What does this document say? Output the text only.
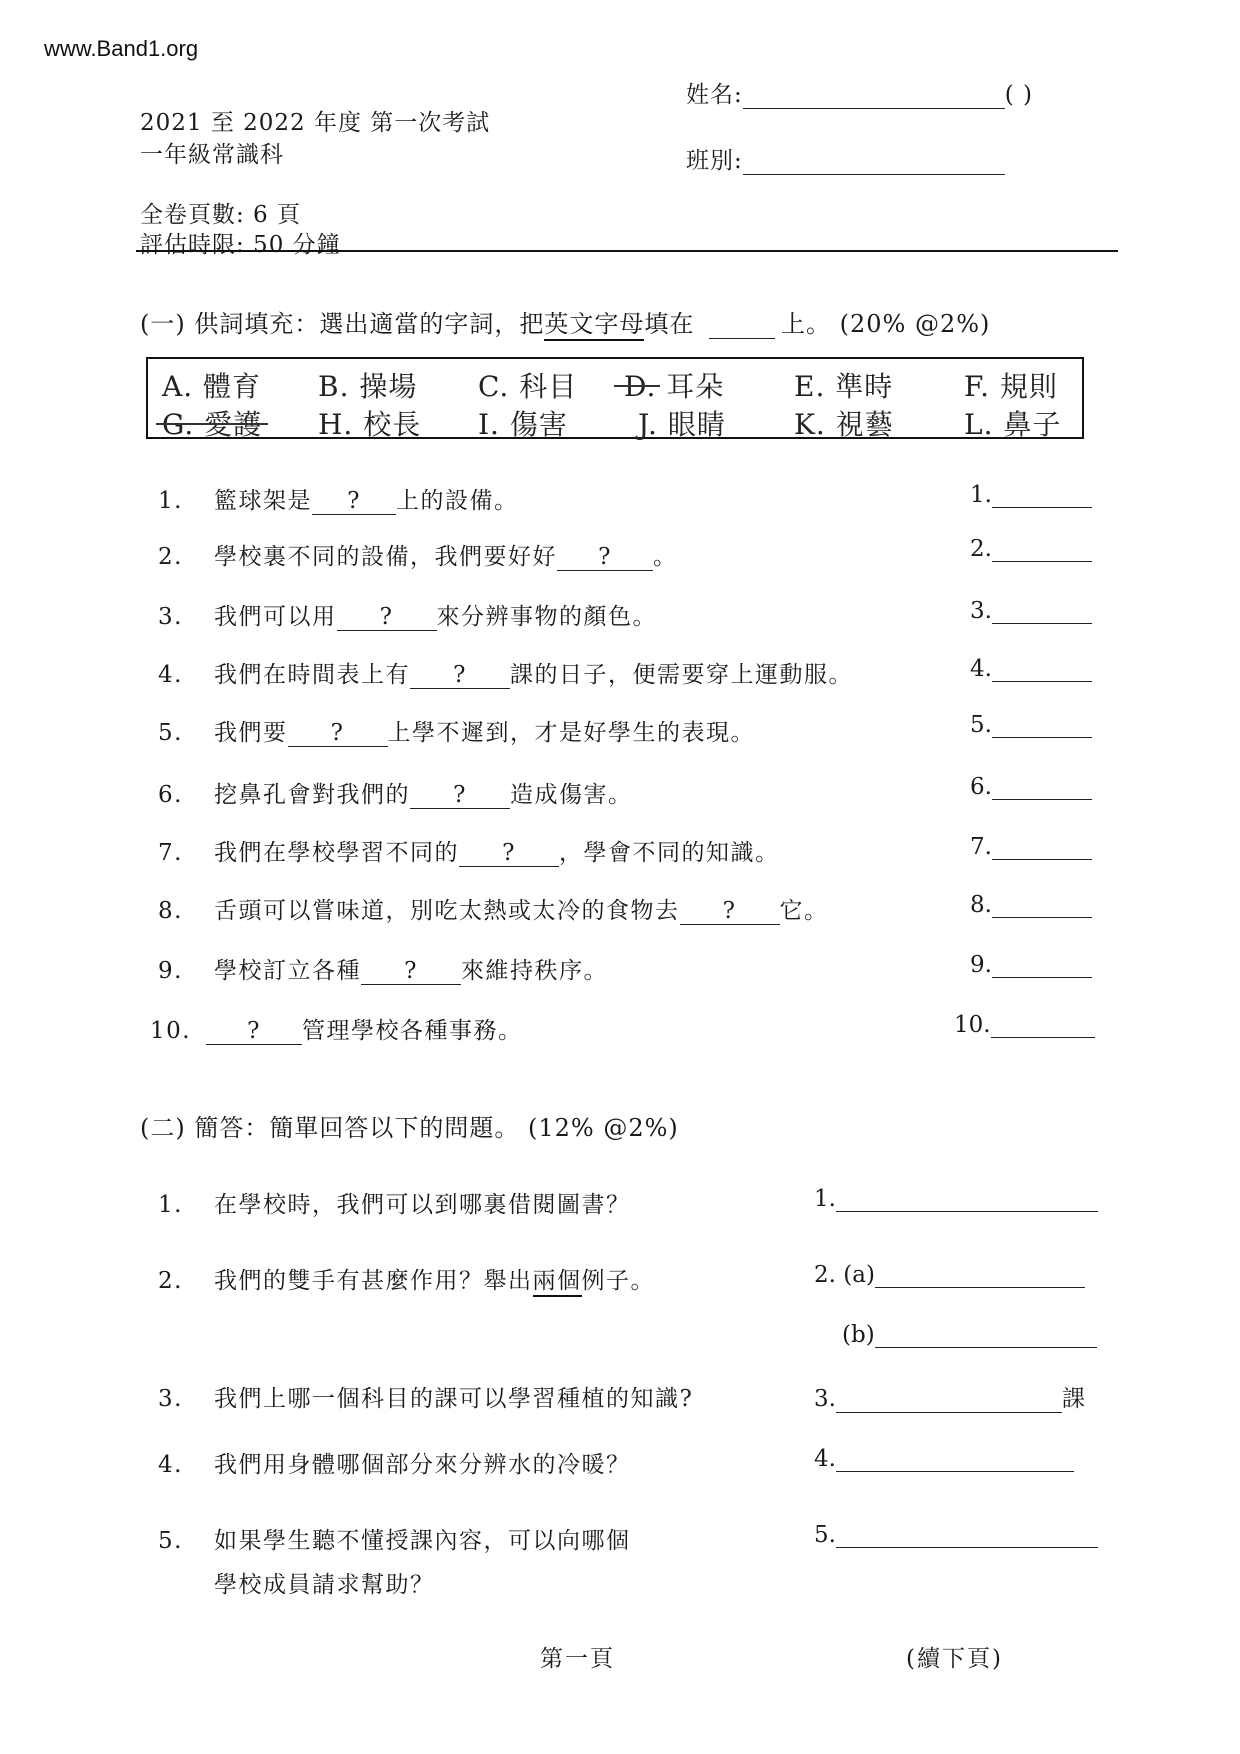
www.Band1.org
2021 至 2022 年度 第一次考試
一年級常識科
全卷頁數: 6 頁
評估時限: 50 分鐘
姓名:	( )
班別:
(一) 供詞填充：選出適當的字詞，把英文字母填在	上。 (20% @2%)
A. 體育 B. 操場 C. 科目 D. 耳朵 E. 準時	F. 規則
G. 愛護 H. 校長 I. 傷害	J. 眼睛 K. 視藝	L. 鼻子
1. 籃球架是 ? 上的設備。	1.
2. 學校裏不同的設備，我們要好好 ? 。	2.
3. 我們可以用 ? 來分辨事物的顏色。	3.
4. 我們在時間表上有 ? 課的日子，便需要穿上運動服。	4.
5. 我們要 ? 上學不遲到，才是好學生的表現。	5.
6. 挖鼻孔會對我們的 ? 造成傷害。	6.
7. 我們在學校學習不同的 ? ，學會不同的知識。	7.
8. 舌頭可以嘗味道，別吃太熱或太冷的食物去 ? 它。	8.
9. 學校訂立各種 ? 來維持秩序。	9.
10. ? 管理學校各種事務。	10.
(二) 簡答：簡單回答以下的問題。 (12% @2%)
1. 在學校時，我們可以到哪裏借閱圖書？	1.
2. 我們的雙手有甚麼作用？舉出兩個例子。	2. (a)
(b)
3. 我們上哪一個科目的課可以學習種植的知識?	3.	課
4. 我們用身體哪個部分來分辨水的冷暖？	4.
5. 如果學生聽不懂授課內容，可以向哪個
學校成員請求幫助？
5.
第一頁	(續下頁)
